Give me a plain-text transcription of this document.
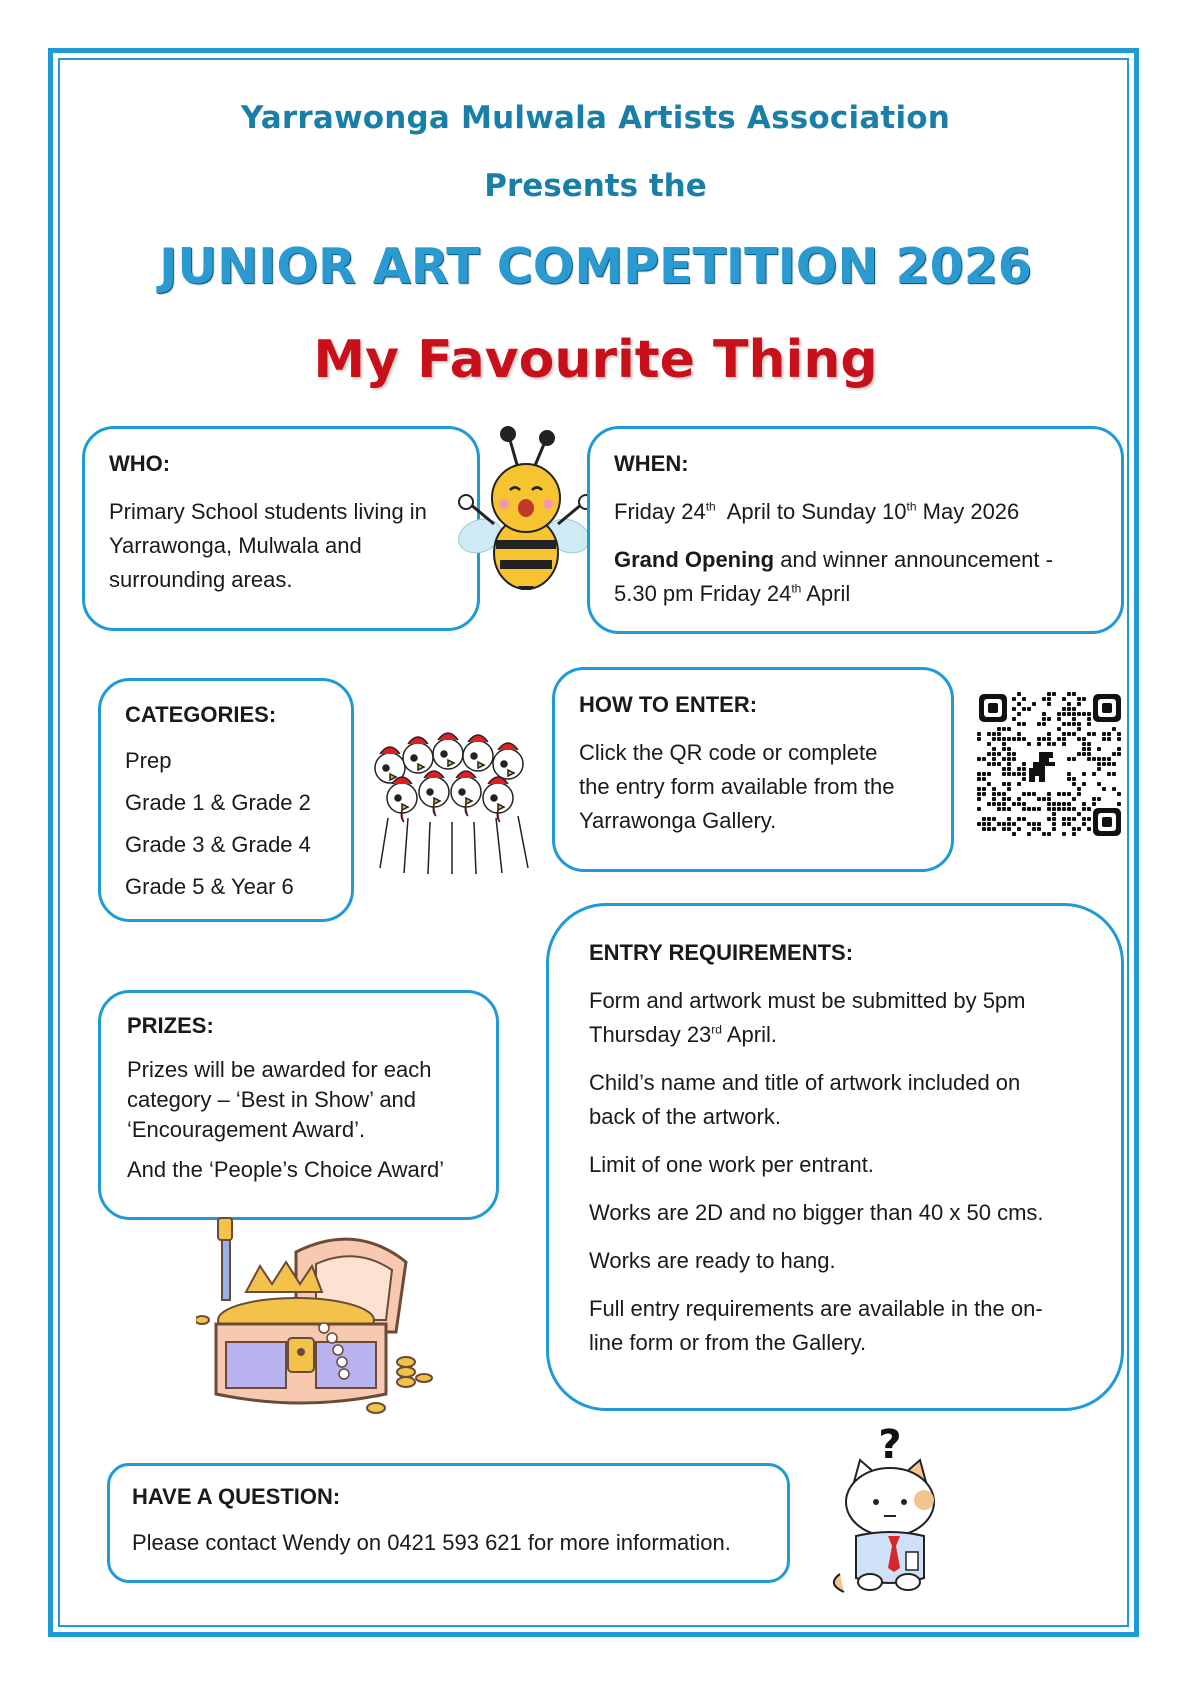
Yarrawonga Mulwala Artists Association
Presents the
JUNIOR ART COMPETITION 2026
My Favourite Thing
WHO:
Primary School students living in
Yarrawonga, Mulwala and
surrounding areas.
WHEN:

Friday 24th  April to Sunday 10th May 2026

Grand Opening and winner announcement -

5.30 pm Friday 24th April

CATEGORIES:
Prep
Grade 1 & Grade 2
Grade 3 & Grade 4
Grade 5 & Year 6
HOW TO ENTER:
Click the QR code or complete
the entry form available from the
Yarrawonga Gallery.
ENTRY REQUIREMENTS:

Form and artwork must be submitted by 5pm
Thursday 23rd April.

Child’s name and title of artwork included on
back of the artwork.

Limit of one work per entrant.

Works are 2D and no bigger than 40 x 50 cms.

Works are ready to hang.

Full entry requirements are available in the on-
line form or from the Gallery.

PRIZES:
Prizes will be awarded for each
category – ‘Best in Show’ and
‘Encouragement Award’.
And the ‘People’s Choice Award’
HAVE A QUESTION:
Please contact Wendy on 0421 593 621 for more information.
?
